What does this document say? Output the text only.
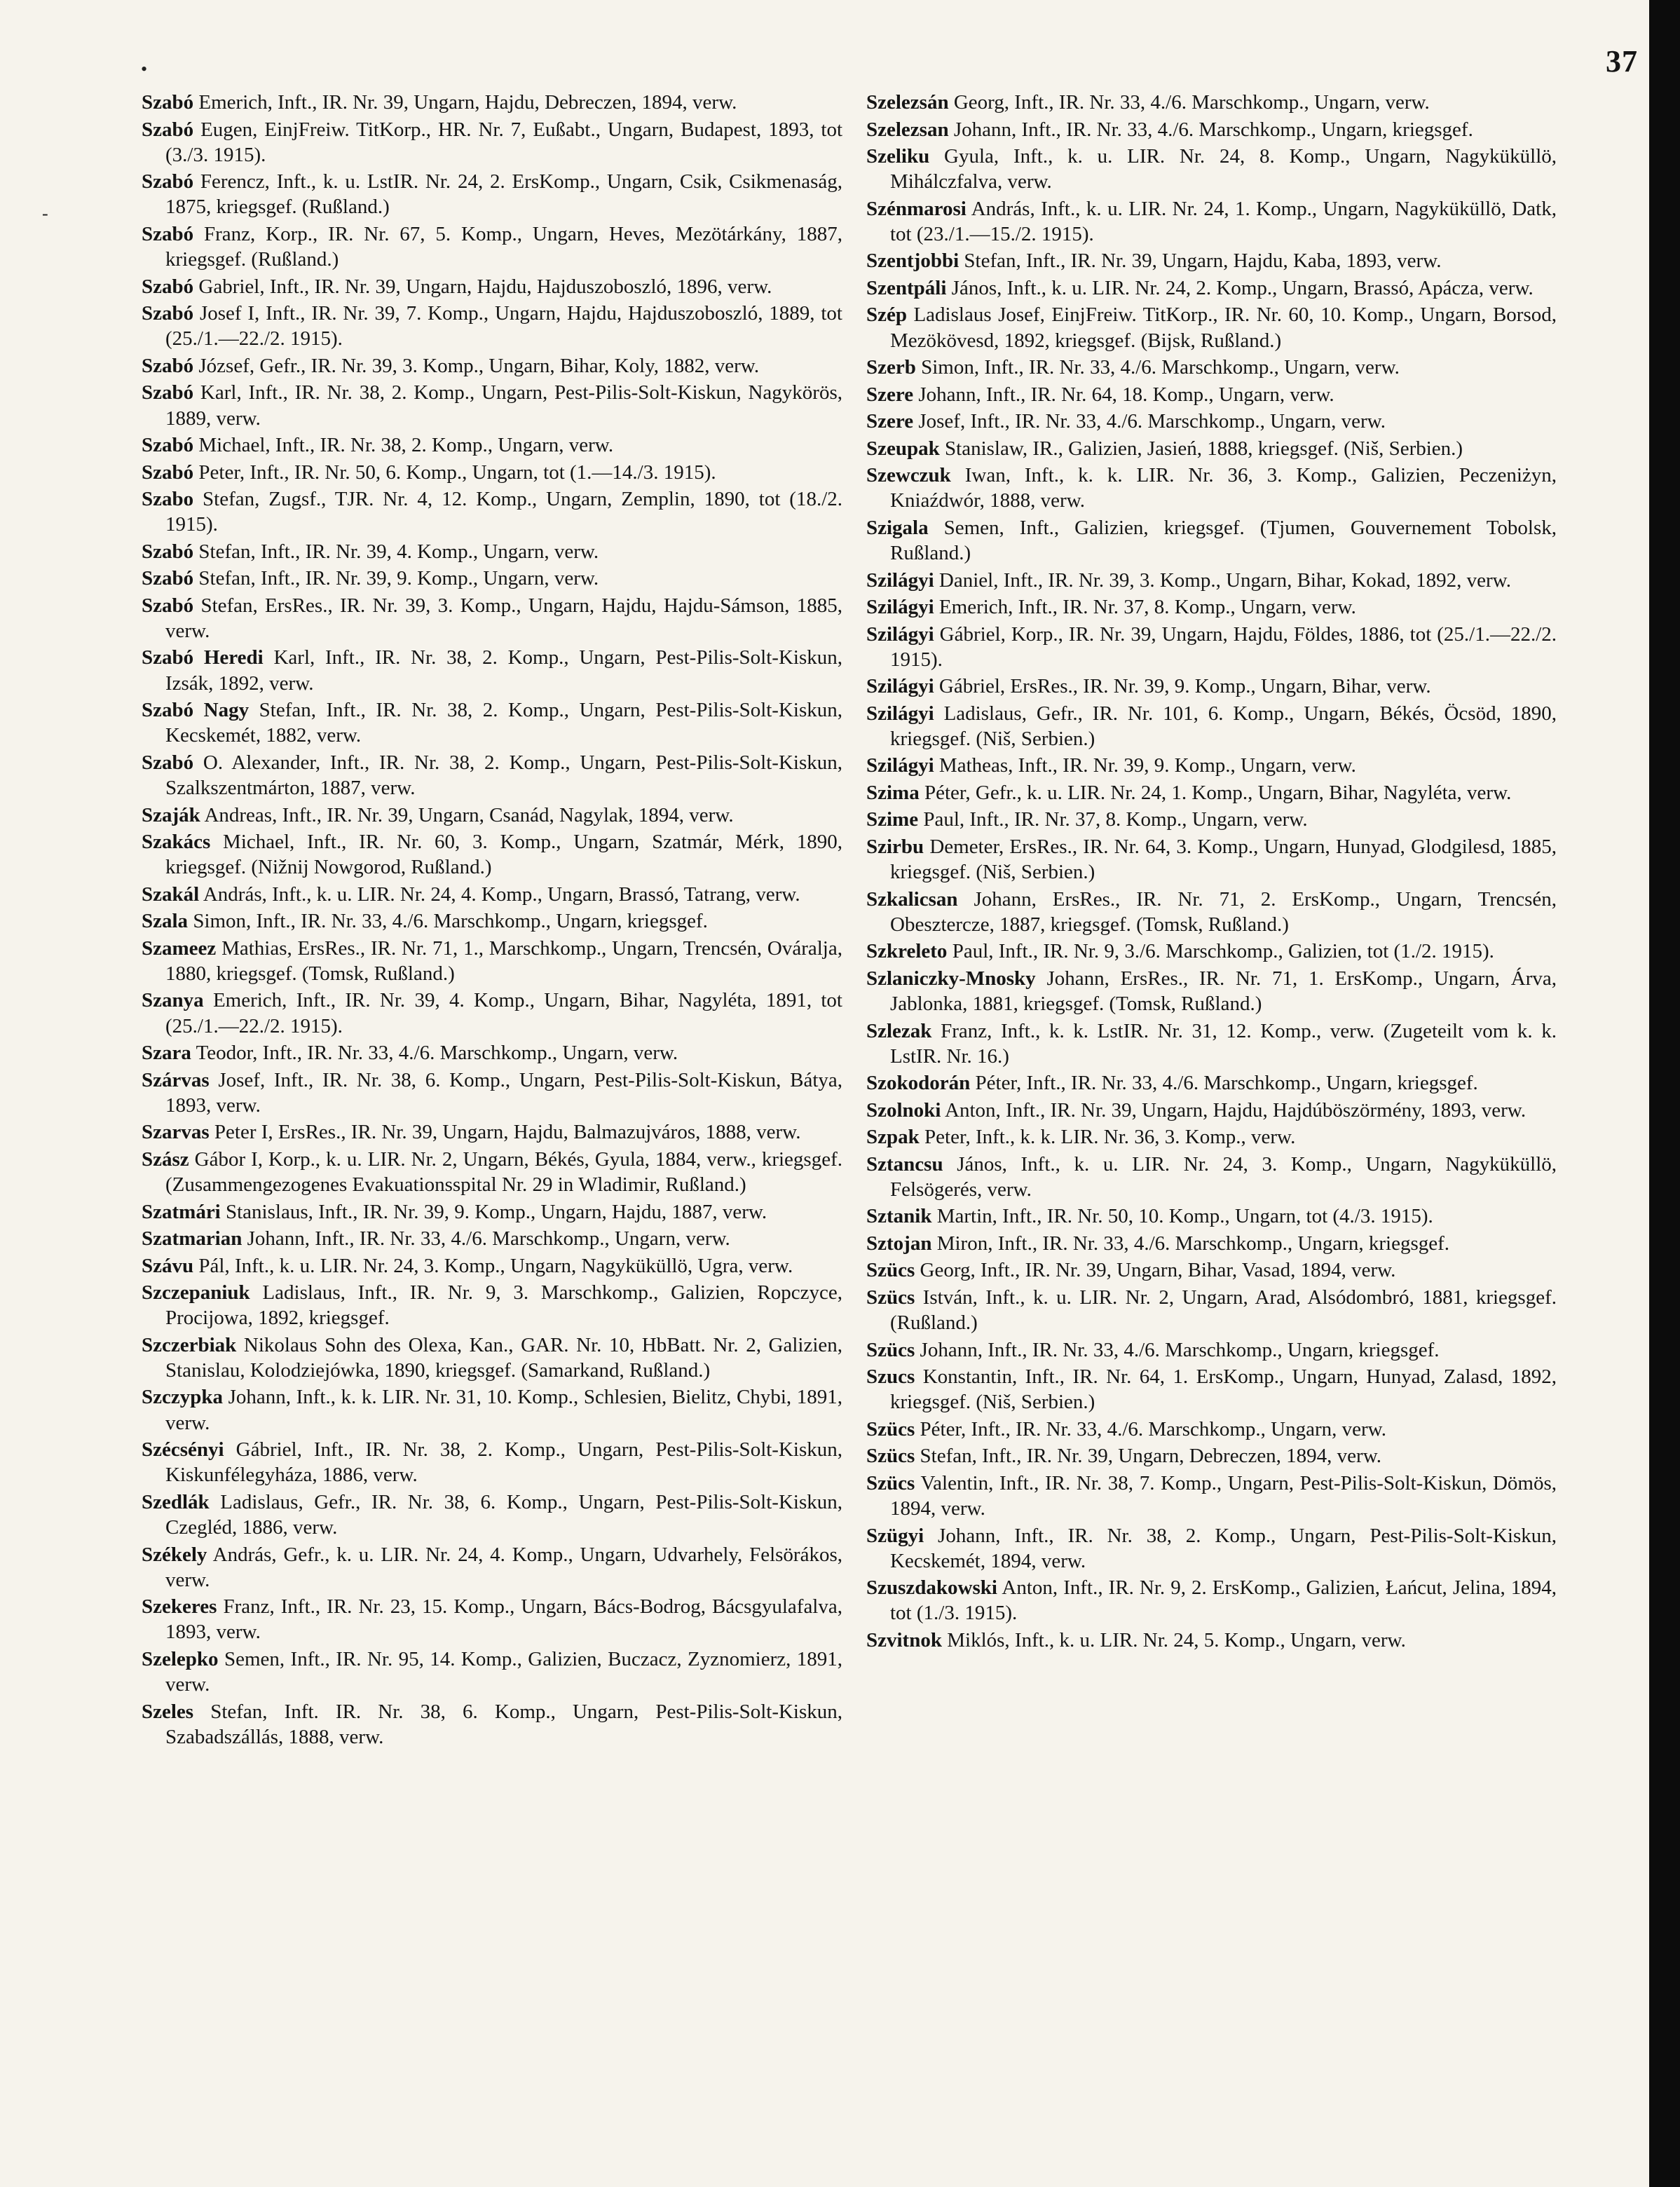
37
•
-

Szabó Emerich, Inft., IR. Nr. 39, Ungarn, Hajdu, Debreczen, 1894, verw.

Szabó Eugen, EinjFreiw. TitKorp., HR. Nr. 7, Eußabt., Ungarn, Budapest, 1893, tot (3./3. 1915).

Szabó Ferencz, Inft., k. u. LstIR. Nr. 24, 2. ErsKomp., Ungarn, Csik, Csikmenaság, 1875, kriegsgef. (Rußland.)

Szabó Franz, Korp., IR. Nr. 67, 5. Komp., Ungarn, Heves, Mezötárkány, 1887, kriegsgef. (Rußland.)

Szabó Gabriel, Inft., IR. Nr. 39, Ungarn, Hajdu, Hajduszoboszló, 1896, verw.

Szabó Josef I, Inft., IR. Nr. 39, 7. Komp., Ungarn, Hajdu, Hajduszoboszló, 1889, tot (25./1.—22./2. 1915).

Szabó József, Gefr., IR. Nr. 39, 3. Komp., Ungarn, Bihar, Koly, 1882, verw.

Szabó Karl, Inft., IR. Nr. 38, 2. Komp., Ungarn, Pest-Pilis-Solt-Kiskun, Nagykörös, 1889, verw.

Szabó Michael, Inft., IR. Nr. 38, 2. Komp., Ungarn, verw.

Szabó Peter, Inft., IR. Nr. 50, 6. Komp., Ungarn, tot (1.—14./3. 1915).

Szabo Stefan, Zugsf., TJR. Nr. 4, 12. Komp., Ungarn, Zemplin, 1890, tot (18./2. 1915).

Szabó Stefan, Inft., IR. Nr. 39, 4. Komp., Ungarn, verw.

Szabó Stefan, Inft., IR. Nr. 39, 9. Komp., Ungarn, verw.

Szabó Stefan, ErsRes., IR. Nr. 39, 3. Komp., Ungarn, Hajdu, Hajdu-Sámson, 1885, verw.

Szabó Heredi Karl, Inft., IR. Nr. 38, 2. Komp., Ungarn, Pest-Pilis-Solt-Kiskun, Izsák, 1892, verw.

Szabó Nagy Stefan, Inft., IR. Nr. 38, 2. Komp., Ungarn, Pest-Pilis-Solt-Kiskun, Kecskemét, 1882, verw.

Szabó O. Alexander, Inft., IR. Nr. 38, 2. Komp., Ungarn, Pest-Pilis-Solt-Kiskun, Szalkszentmárton, 1887, verw.

Szaják Andreas, Inft., IR. Nr. 39, Ungarn, Csanád, Nagylak, 1894, verw.

Szakács Michael, Inft., IR. Nr. 60, 3. Komp., Ungarn, Szatmár, Mérk, 1890, kriegsgef. (Nižnij Nowgorod, Rußland.)

Szakál András, Inft., k. u. LIR. Nr. 24, 4. Komp., Ungarn, Brassó, Tatrang, verw.

Szala Simon, Inft., IR. Nr. 33, 4./6. Marschkomp., Ungarn, kriegsgef.

Szameez Mathias, ErsRes., IR. Nr. 71, 1., Marschkomp., Ungarn, Trencsén, Ováralja, 1880, kriegsgef. (Tomsk, Rußland.)

Szanya Emerich, Inft., IR. Nr. 39, 4. Komp., Ungarn, Bihar, Nagyléta, 1891, tot (25./1.—22./2. 1915).

Szara Teodor, Inft., IR. Nr. 33, 4./6. Marschkomp., Ungarn, verw.

Szárvas Josef, Inft., IR. Nr. 38, 6. Komp., Ungarn, Pest-Pilis-Solt-Kiskun, Bátya, 1893, verw.

Szarvas Peter I, ErsRes., IR. Nr. 39, Ungarn, Hajdu, Balmazujváros, 1888, verw.

Szász Gábor I, Korp., k. u. LIR. Nr. 2, Ungarn, Békés, Gyula, 1884, verw., kriegsgef. (Zusammengezogenes Evakuationsspital Nr. 29 in Wladimir, Rußland.)

Szatmári Stanislaus, Inft., IR. Nr. 39, 9. Komp., Ungarn, Hajdu, 1887, verw.

Szatmarian Johann, Inft., IR. Nr. 33, 4./6. Marschkomp., Ungarn, verw.

Szávu Pál, Inft., k. u. LIR. Nr. 24, 3. Komp., Ungarn, Nagyküküllö, Ugra, verw.

Szczepaniuk Ladislaus, Inft., IR. Nr. 9, 3. Marschkomp., Galizien, Ropczyce, Procijowa, 1892, kriegsgef.

Szczerbiak Nikolaus Sohn des Olexa, Kan., GAR. Nr. 10, HbBatt. Nr. 2, Galizien, Stanislau, Kolodziejówka, 1890, kriegsgef. (Samarkand, Rußland.)

Szczypka Johann, Inft., k. k. LIR. Nr. 31, 10. Komp., Schlesien, Bielitz, Chybi, 1891, verw.

Szécsényi Gábriel, Inft., IR. Nr. 38, 2. Komp., Ungarn, Pest-Pilis-Solt-Kiskun, Kiskunfélegyháza, 1886, verw.

Szedlák Ladislaus, Gefr., IR. Nr. 38, 6. Komp., Ungarn, Pest-Pilis-Solt-Kiskun, Czegléd, 1886, verw.

Székely András, Gefr., k. u. LIR. Nr. 24, 4. Komp., Ungarn, Udvarhely, Felsörákos, verw.

Szekeres Franz, Inft., IR. Nr. 23, 15. Komp., Ungarn, Bács-Bodrog, Bácsgyulafalva, 1893, verw.

Szelepko Semen, Inft., IR. Nr. 95, 14. Komp., Galizien, Buczacz, Zyznomierz, 1891, verw.

Szeles Stefan, Inft. IR. Nr. 38, 6. Komp., Ungarn, Pest-Pilis-Solt-Kiskun, Szabadszállás, 1888, verw.

Szelezsán Georg, Inft., IR. Nr. 33, 4./6. Marschkomp., Ungarn, verw.

Szelezsan Johann, Inft., IR. Nr. 33, 4./6. Marschkomp., Ungarn, kriegsgef.

Szeliku Gyula, Inft., k. u. LIR. Nr. 24, 8. Komp., Ungarn, Nagyküküllö, Mihálczfalva, verw.

Szénmarosi András, Inft., k. u. LIR. Nr. 24, 1. Komp., Ungarn, Nagyküküllö, Datk, tot (23./1.—15./2. 1915).

Szentjobbi Stefan, Inft., IR. Nr. 39, Ungarn, Hajdu, Kaba, 1893, verw.

Szentpáli János, Inft., k. u. LIR. Nr. 24, 2. Komp., Ungarn, Brassó, Apácza, verw.

Szép Ladislaus Josef, EinjFreiw. TitKorp., IR. Nr. 60, 10. Komp., Ungarn, Borsod, Mezökövesd, 1892, kriegsgef. (Bijsk, Rußland.)

Szerb Simon, Inft., IR. Nr. 33, 4./6. Marschkomp., Ungarn, verw.

Szere Johann, Inft., IR. Nr. 64, 18. Komp., Ungarn, verw.

Szere Josef, Inft., IR. Nr. 33, 4./6. Marschkomp., Ungarn, verw.

Szeupak Stanislaw, IR., Galizien, Jasień, 1888, kriegsgef. (Niš, Serbien.)

Szewczuk Iwan, Inft., k. k. LIR. Nr. 36, 3. Komp., Galizien, Peczeniżyn, Kniaźdwór, 1888, verw.

Szigala Semen, Inft., Galizien, kriegsgef. (Tjumen, Gouvernement Tobolsk, Rußland.)

Szilágyi Daniel, Inft., IR. Nr. 39, 3. Komp., Ungarn, Bihar, Kokad, 1892, verw.

Szilágyi Emerich, Inft., IR. Nr. 37, 8. Komp., Ungarn, verw.

Szilágyi Gábriel, Korp., IR. Nr. 39, Ungarn, Hajdu, Földes, 1886, tot (25./1.—22./2. 1915).

Szilágyi Gábriel, ErsRes., IR. Nr. 39, 9. Komp., Ungarn, Bihar, verw.

Szilágyi Ladislaus, Gefr., IR. Nr. 101, 6. Komp., Ungarn, Békés, Öcsöd, 1890, kriegsgef. (Niš, Serbien.)

Szilágyi Matheas, Inft., IR. Nr. 39, 9. Komp., Ungarn, verw.

Szima Péter, Gefr., k. u. LIR. Nr. 24, 1. Komp., Ungarn, Bihar, Nagyléta, verw.

Szime Paul, Inft., IR. Nr. 37, 8. Komp., Ungarn, verw.

Szirbu Demeter, ErsRes., IR. Nr. 64, 3. Komp., Ungarn, Hunyad, Glodgilesd, 1885, kriegsgef. (Niš, Serbien.)

Szkalicsan Johann, ErsRes., IR. Nr. 71, 2. ErsKomp., Ungarn, Trencsén, Obesztercze, 1887, kriegsgef. (Tomsk, Rußland.)

Szkreleto Paul, Inft., IR. Nr. 9, 3./6. Marschkomp., Galizien, tot (1./2. 1915).

Szlaniczky-Mnosky Johann, ErsRes., IR. Nr. 71, 1. ErsKomp., Ungarn, Árva, Jablonka, 1881, kriegsgef. (Tomsk, Rußland.)

Szlezak Franz, Inft., k. k. LstIR. Nr. 31, 12. Komp., verw. (Zugeteilt vom k. k. LstIR. Nr. 16.)

Szokodorán Péter, Inft., IR. Nr. 33, 4./6. Marschkomp., Ungarn, kriegsgef.

Szolnoki Anton, Inft., IR. Nr. 39, Ungarn, Hajdu, Hajdúböszörmény, 1893, verw.

Szpak Peter, Inft., k. k. LIR. Nr. 36, 3. Komp., verw.

Sztancsu János, Inft., k. u. LIR. Nr. 24, 3. Komp., Ungarn, Nagyküküllö, Felsögerés, verw.

Sztanik Martin, Inft., IR. Nr. 50, 10. Komp., Ungarn, tot (4./3. 1915).

Sztojan Miron, Inft., IR. Nr. 33, 4./6. Marschkomp., Ungarn, kriegsgef.

Szücs Georg, Inft., IR. Nr. 39, Ungarn, Bihar, Vasad, 1894, verw.

Szücs István, Inft., k. u. LIR. Nr. 2, Ungarn, Arad, Alsódombró, 1881, kriegsgef. (Rußland.)

Szücs Johann, Inft., IR. Nr. 33, 4./6. Marschkomp., Ungarn, kriegsgef.

Szucs Konstantin, Inft., IR. Nr. 64, 1. ErsKomp., Ungarn, Hunyad, Zalasd, 1892, kriegsgef. (Niš, Serbien.)

Szücs Péter, Inft., IR. Nr. 33, 4./6. Marschkomp., Ungarn, verw.

Szücs Stefan, Inft., IR. Nr. 39, Ungarn, Debreczen, 1894, verw.

Szücs Valentin, Inft., IR. Nr. 38, 7. Komp., Ungarn, Pest-Pilis-Solt-Kiskun, Dömös, 1894, verw.

Szügyi Johann, Inft., IR. Nr. 38, 2. Komp., Ungarn, Pest-Pilis-Solt-Kiskun, Kecskemét, 1894, verw.

Szuszdakowski Anton, Inft., IR. Nr. 9, 2. ErsKomp., Galizien, Łańcut, Jelina, 1894, tot (1./3. 1915).

Szvitnok Miklós, Inft., k. u. LIR. Nr. 24, 5. Komp., Ungarn, verw.
